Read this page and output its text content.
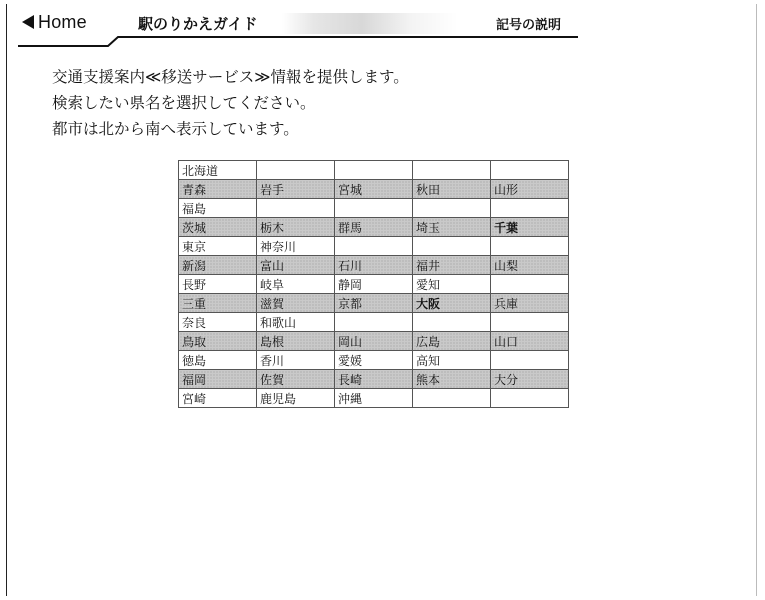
Home	駅のりかえガイド	記号の説明
交通支援案内≪移送サービス≫情報を提供します。
検索したい県名を選択してください。
都市は北から南へ表示しています。
北海道				
青森	岩手	宮城	秋田	山形
福島				
茨城	栃木	群馬	埼玉	千葉
東京	神奈川			
新潟	富山	石川	福井	山梨
長野	岐阜	静岡	愛知	
三重	滋賀	京都	大阪	兵庫
奈良	和歌山			
鳥取	島根	岡山	広島	山口
徳島	香川	愛媛	高知	
福岡	佐賀	長崎	熊本	大分
宮崎	鹿児島	沖縄		
